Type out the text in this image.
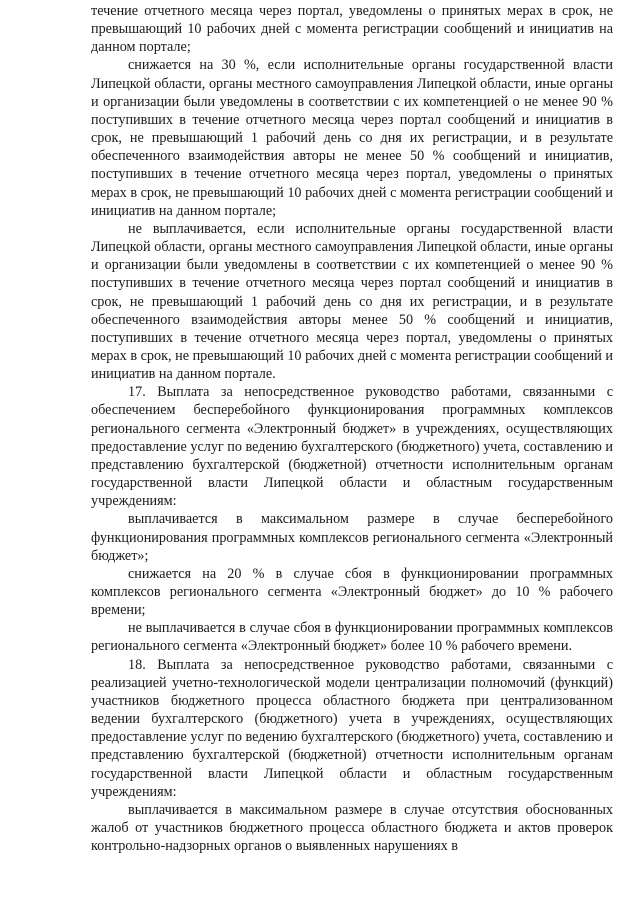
течение отчетного месяца через портал, уведомлены о принятых мерах в срок, не превышающий 10 рабочих дней с момента регистрации сообщений и инициатив на данном портале;

снижается на 30 %, если исполнительные органы государственной власти Липецкой области, органы местного самоуправления Липецкой области, иные органы и организации были уведомлены в соответствии с их компетенцией о не менее 90 % поступивших в течение отчетного месяца через портал сообщений и инициатив в срок, не превышающий 1 рабочий день со дня их регистрации, и в результате обеспеченного взаимодействия авторы не менее 50 % сообщений и инициатив, поступивших в течение отчетного месяца через портал, уведомлены о принятых мерах в срок, не превышающий 10 рабочих дней с момента регистрации сообщений и инициатив на данном портале;

не выплачивается, если исполнительные органы государственной власти Липецкой области, органы местного самоуправления Липецкой области, иные органы и организации были уведомлены в соответствии с их компетенцией о менее 90 % поступивших в течение отчетного месяца через портал сообщений и инициатив в срок, не превышающий 1 рабочий день со дня их регистрации, и в результате обеспеченного взаимодействия авторы менее 50 % сообщений и инициатив, поступивших в течение отчетного месяца через портал, уведомлены о принятых мерах в срок, не превышающий 10 рабочих дней с момента регистрации сообщений и инициатив на данном портале.

17. Выплата за непосредственное руководство работами, связанными с обеспечением бесперебойного функционирования программных комплексов регионального сегмента «Электронный бюджет» в учреждениях, осуществляющих предоставление услуг по ведению бухгалтерского (бюджетного) учета, составлению и представлению бухгалтерской (бюджетной) отчетности исполнительным органам государственной власти Липецкой области и областным государственным учреждениям:

выплачивается в максимальном размере в случае бесперебойного функционирования программных комплексов регионального сегмента «Электронный бюджет»;

снижается на 20 % в случае сбоя в функционировании программных комплексов регионального сегмента «Электронный бюджет» до 10 % рабочего времени;

не выплачивается в случае сбоя в функционировании программных комплексов регионального сегмента «Электронный бюджет» более 10 % рабочего времени.

18. Выплата за непосредственное руководство работами, связанными с реализацией учетно-технологической модели централизации полномочий (функций) участников бюджетного процесса областного бюджета при централизованном ведении бухгалтерского (бюджетного) учета в учреждениях, осуществляющих предоставление услуг по ведению бухгалтерского (бюджетного) учета, составлению и представлению бухгалтерской (бюджетной) отчетности исполнительным органам государственной власти Липецкой области и областным государственным учреждениям:

выплачивается в максимальном размере в случае отсутствия обоснованных жалоб от участников бюджетного процесса областного бюджета и актов проверок контрольно-надзорных органов о выявленных нарушениях в
